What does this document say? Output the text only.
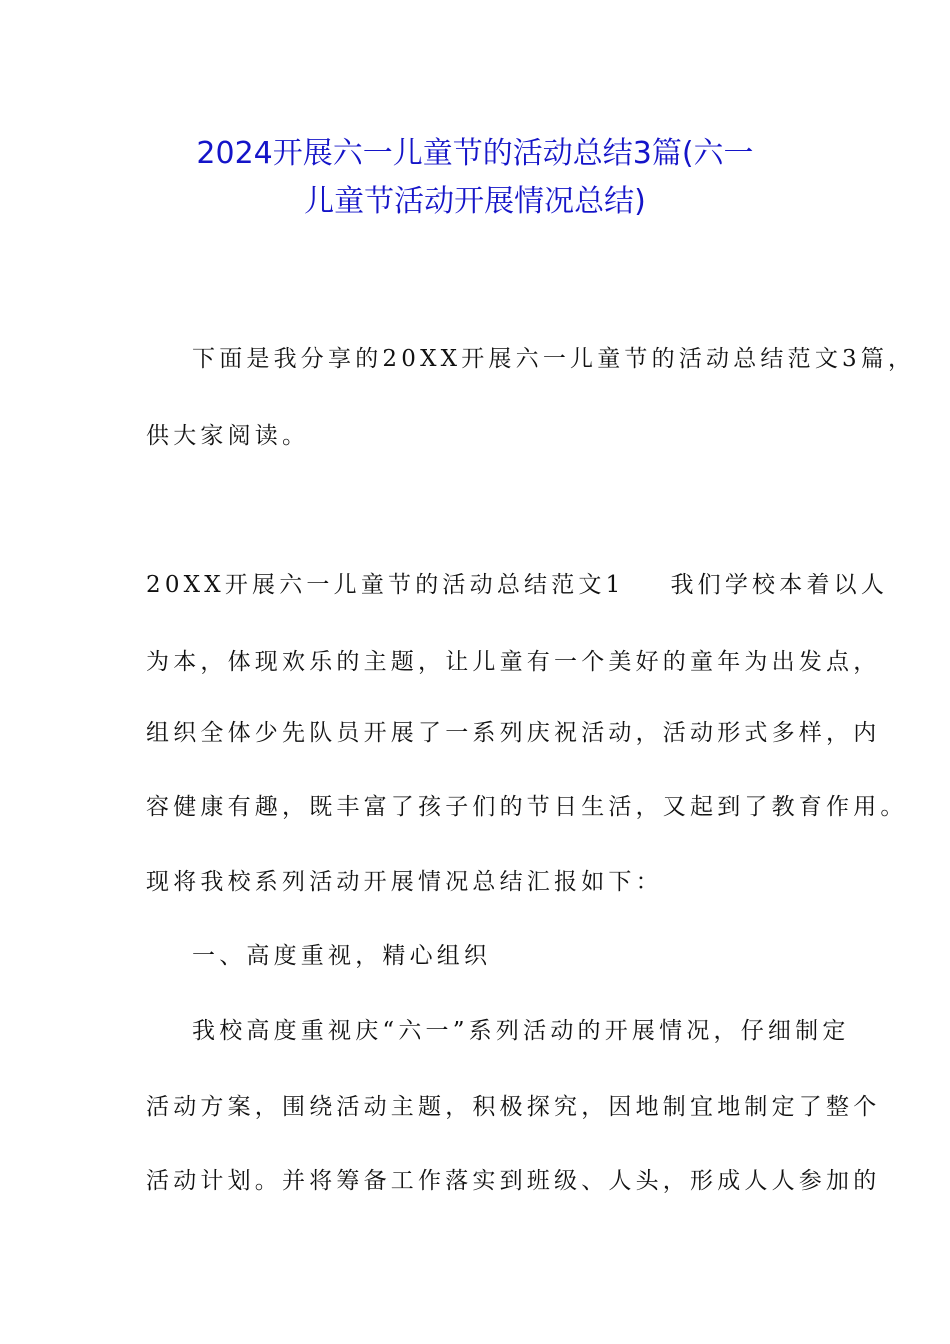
2024开展六一儿童节的活动总结3篇(六一
儿童节活动开展情况总结)

下面是我分享的20XX开展六一儿童节的活动总结范文3篇，

供大家阅读。

20XX开展六一儿童节的活动总结范文1 我们学校本着以人

为本，体现欢乐的主题，让儿童有一个美好的童年为出发点，

组织全体少先队员开展了一系列庆祝活动，活动形式多样，内

容健康有趣，既丰富了孩子们的节日生活，又起到了教育作用。

现将我校系列活动开展情况总结汇报如下：

一、高度重视，精心组织

我校高度重视庆“六一”系列活动的开展情况，仔细制定

活动方案，围绕活动主题，积极探究，因地制宜地制定了整个

活动计划。并将筹备工作落实到班级、人头，形成人人参加的
